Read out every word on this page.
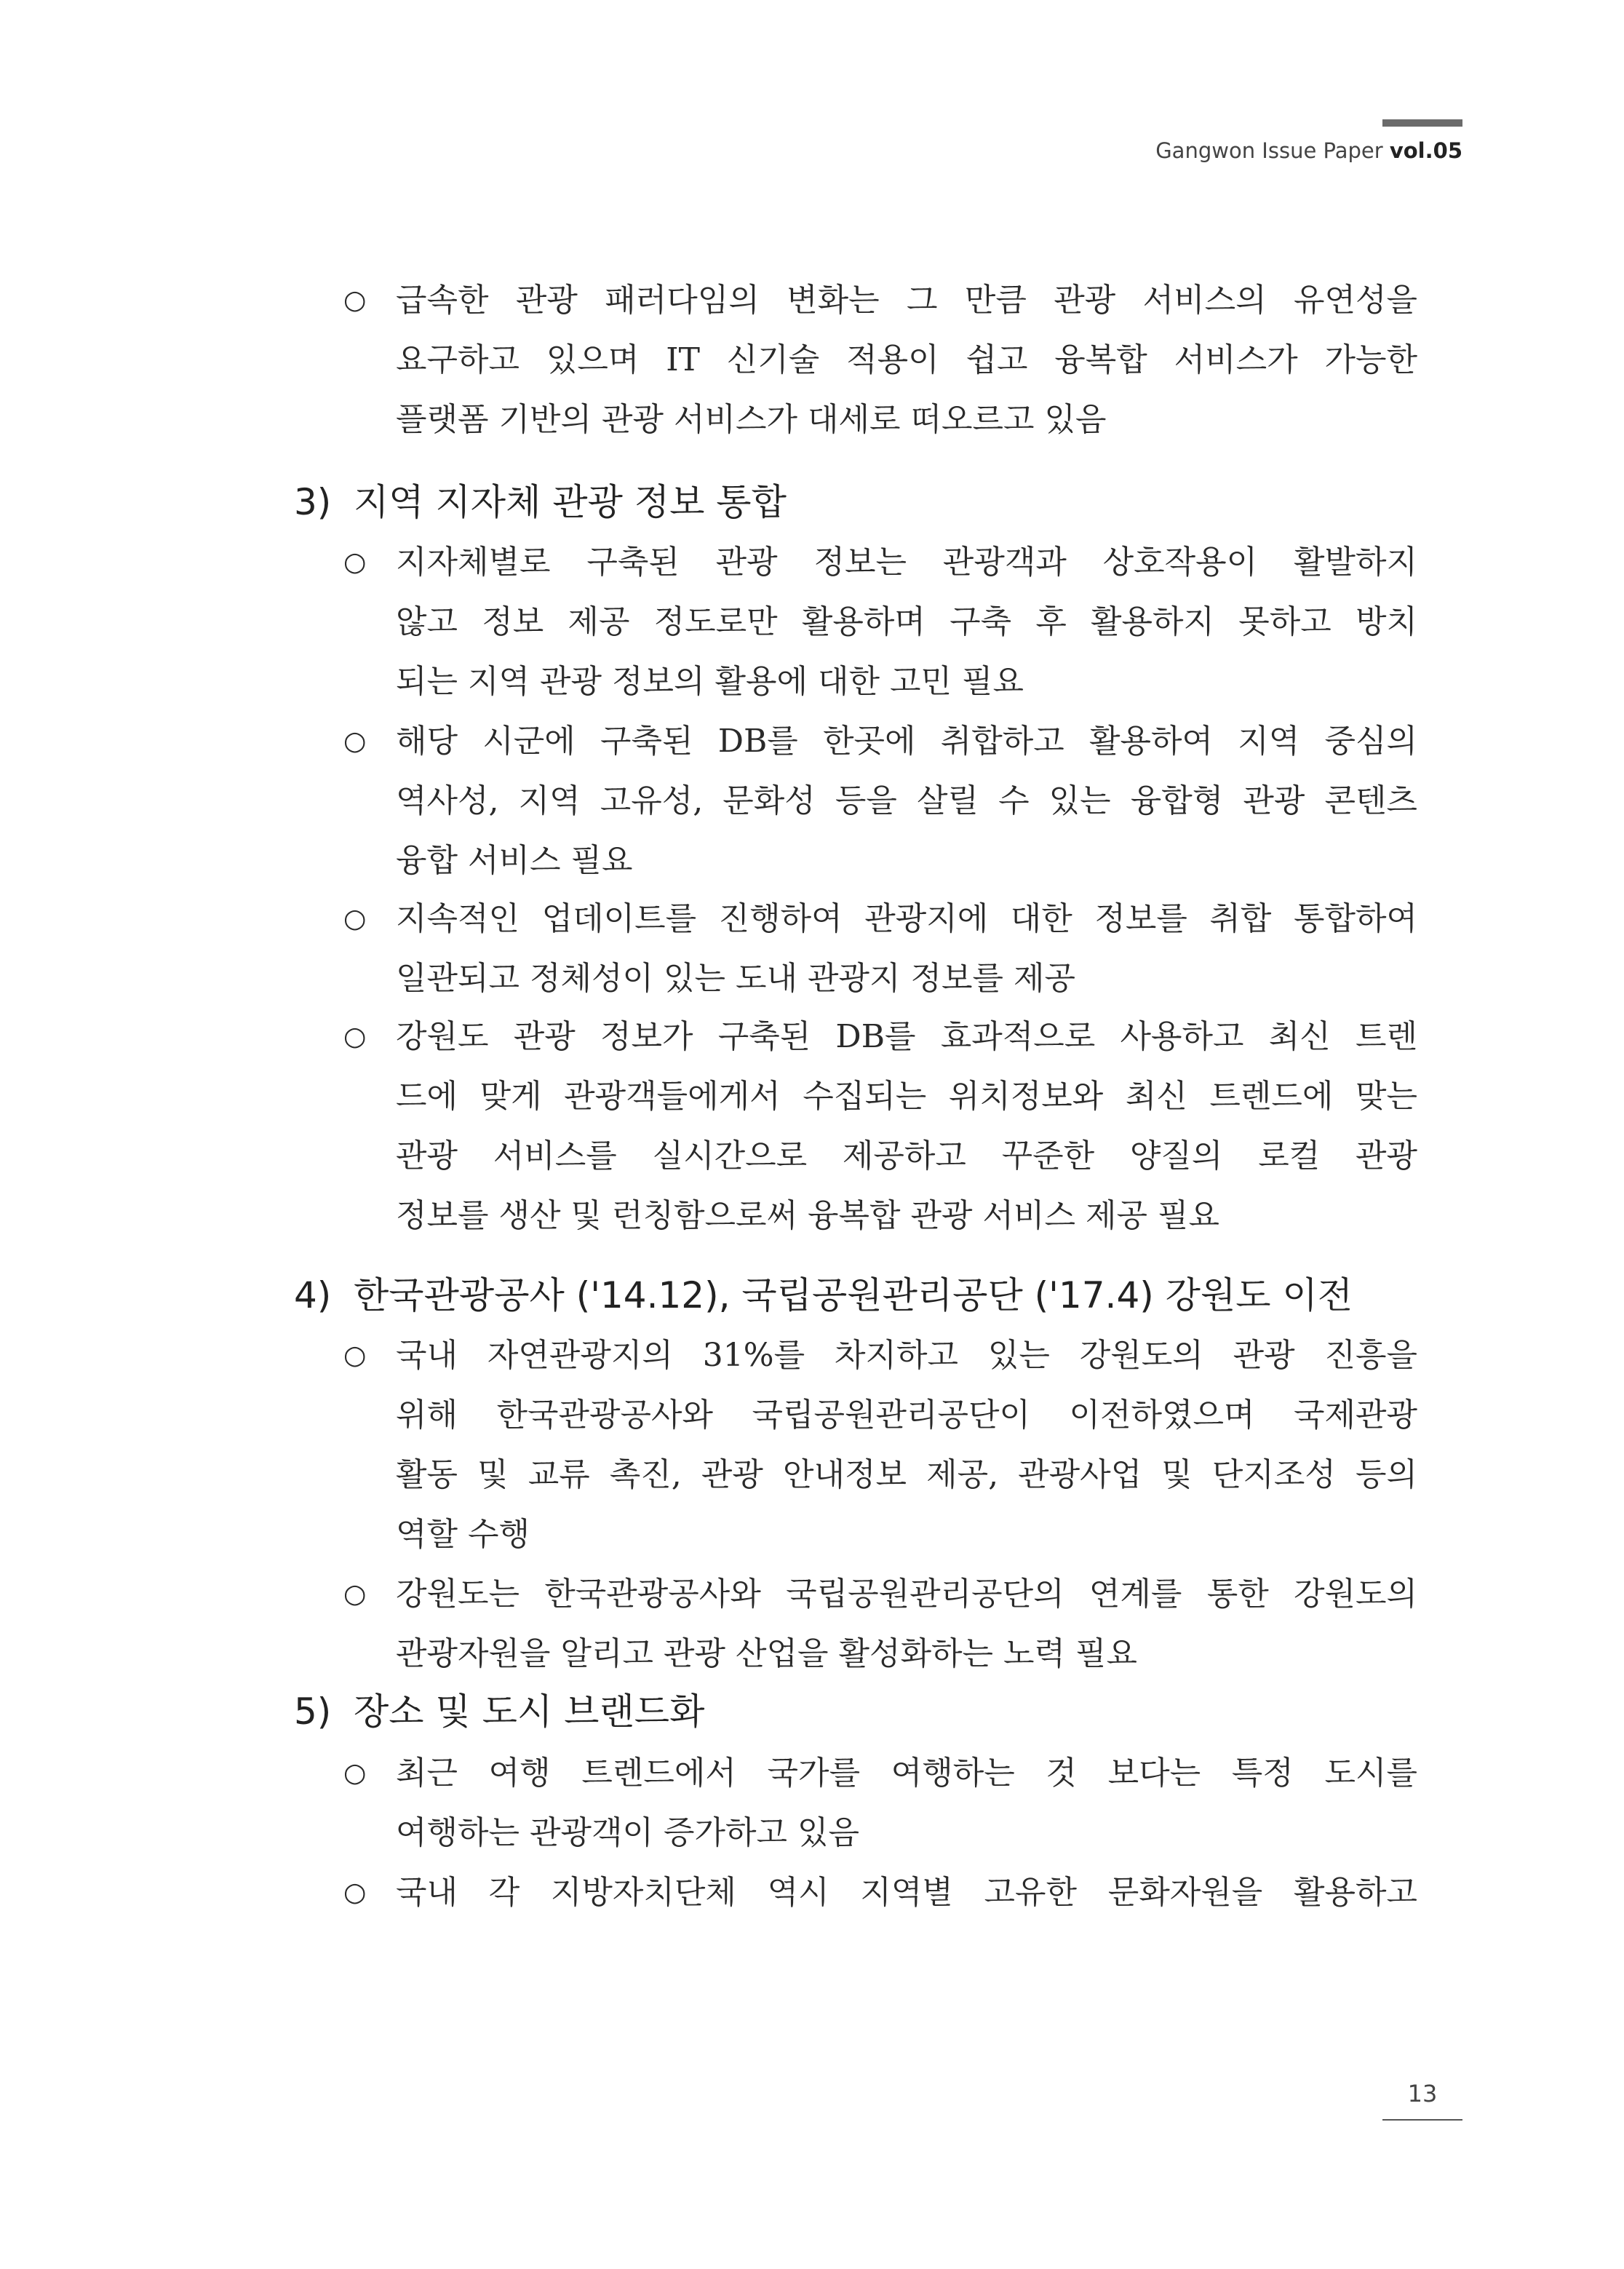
Gangwon Issue Paper vol.05
○ 급속한 관광 패러다임의 변화는 그 만큼 관광 서비스의 유연성을
요구하고 있으며 IT 신기술 적용이 쉽고 융복합 서비스가 가능한
플랫폼 기반의 관광 서비스가 대세로 떠오르고 있음
3) 지역 지자체 관광 정보 통합
○ 지자체별로 구축된 관광 정보는 관광객과 상호작용이 활발하지
않고 정보 제공 정도로만 활용하며 구축 후 활용하지 못하고 방치
되는 지역 관광 정보의 활용에 대한 고민 필요
○ 해당 시군에 구축된 DB를 한곳에 취합하고 활용하여 지역 중심의
역사성, 지역 고유성, 문화성 등을 살릴 수 있는 융합형 관광 콘텐츠
융합 서비스 필요
○ 지속적인 업데이트를 진행하여 관광지에 대한 정보를 취합 통합하여
일관되고 정체성이 있는 도내 관광지 정보를 제공
○ 강원도 관광 정보가 구축된 DB를 효과적으로 사용하고 최신 트렌
드에 맞게 관광객들에게서 수집되는 위치정보와 최신 트렌드에 맞는
관광 서비스를 실시간으로 제공하고 꾸준한 양질의 로컬 관광
정보를 생산 및 런칭함으로써 융복합 관광 서비스 제공 필요
4) 한국관광공사 ('14.12), 국립공원관리공단 ('17.4) 강원도 이전
○ 국내 자연관광지의 31%를 차지하고 있는 강원도의 관광 진흥을
위해 한국관광공사와 국립공원관리공단이 이전하였으며 국제관광
활동 및 교류 촉진, 관광 안내정보 제공, 관광사업 및 단지조성 등의
역할 수행
○ 강원도는 한국관광공사와 국립공원관리공단의 연계를 통한 강원도의
관광자원을 알리고 관광 산업을 활성화하는 노력 필요
5) 장소 및 도시 브랜드화
○ 최근 여행 트렌드에서 국가를 여행하는 것 보다는 특정 도시를
여행하는 관광객이 증가하고 있음
○ 국내 각 지방자치단체 역시 지역별 고유한 문화자원을 활용하고
13
